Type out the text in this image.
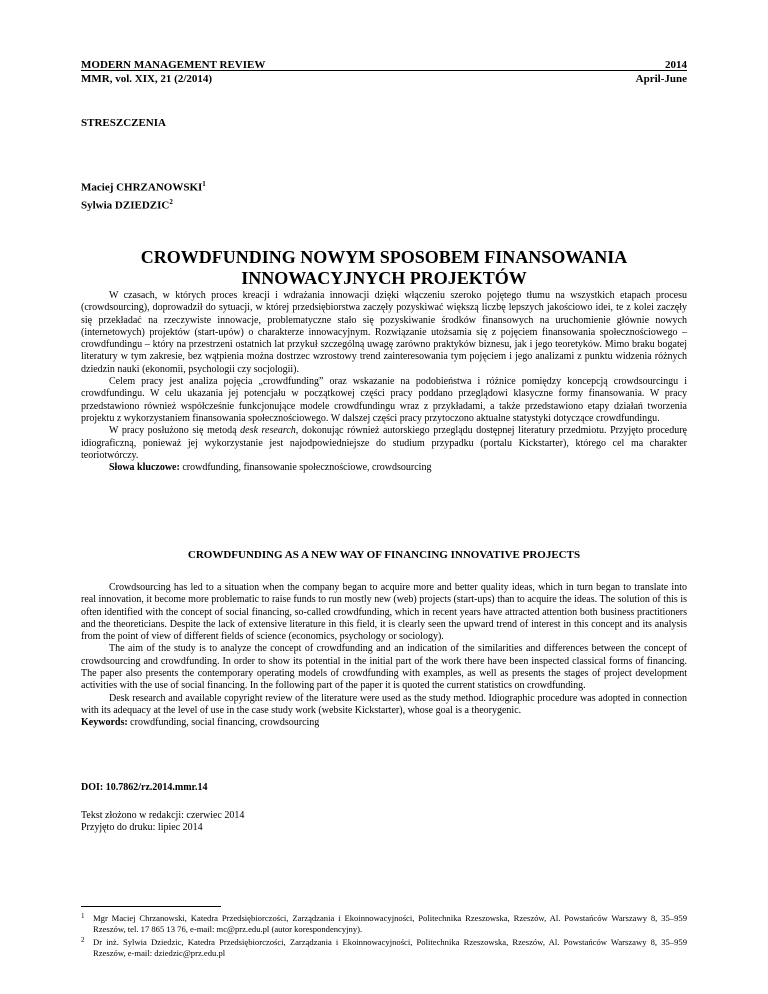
MODERN MANAGEMENT REVIEW
MMR, vol. XIX, 21 (2/2014)
2014
April-June
STRESZCZENIA
Maciej CHRZANOWSKI$^1$
Sylwia DZIEDZIC$^2$
CROWDFUNDING NOWYM SPOSOBEM FINANSOWANIA INNOWACYJNYCH PROJEKTÓW

W czasach, w których proces kreacji i wdrażania innowacji dzięki włączeniu szeroko pojętego tłumu na wszystkich etapach procesu (crowdsourcing), doprowadził do sytuacji, w której przedsiębiorstwa zaczęły pozyskiwać większą liczbę lepszych jakościowo idei, te z kolei zaczęły się przekładać na rzeczywiste innowacje, problematyczne stało się pozyskiwanie środków finansowych na uruchomienie głównie nowych (internetowych) projektów (start-upów) o charakterze innowacyjnym. Rozwiązanie utożsamia się z pojęciem finansowania społecznościowego – crowdfundingu – który na przestrzeni ostatnich lat przykuł szczególną uwagę zarówno praktyków biznesu, jak i jego teoretyków. Mimo braku bogatej literatury w tym zakresie, bez wątpienia można dostrzec wzrostowy trend zainteresowania tym pojęciem i jego analizami z punktu widzenia różnych dziedzin nauki (ekonomii, psychologii czy socjologii).

Celem pracy jest analiza pojęcia „crowdfunding” oraz wskazanie na podobieństwa i różnice pomiędzy koncepcją crowdsourcingu i crowdfundingu. W celu ukazania jej potencjału w początkowej części pracy poddano przeglądowi klasyczne formy finansowania. W pracy przedstawiono również współcześnie funkcjonujące modele crowdfundingu wraz z przykładami, a także przedstawiono etapy działań tworzenia projektu z wykorzystaniem finansowania społecznościowego. W dalszej części pracy przytoczono aktualne statystyki dotyczące crowdfundingu.

W pracy posłużono się metodą desk research, dokonując również autorskiego przeglądu dostępnej literatury przedmiotu. Przyjęto procedurę idiograficzną, ponieważ jej wykorzystanie jest najodpowiedniejsze do studium przypadku (portalu Kickstarter), którego cel ma charakter teoriotwórczy.

Słowa kluczowe: crowdfunding, finansowanie społecznościowe, crowdsourcing

CROWDFUNDING AS A NEW WAY OF FINANCING INNOVATIVE PROJECTS

Crowdsourcing has led to a situation when the company began to acquire more and better quality ideas, which in turn began to translate into real innovation, it become more problematic to raise funds to run mostly new (web) projects (start-ups) than to acquire the ideas. The solution of this is often identified with the concept of social financing, so-called crowdfunding, which in recent years have attracted attention both business practitioners and the theoreticians. Despite the lack of extensive literature in this field, it is clearly seen the upward trend of interest in this concept and its analysis from the point of view of different fields of science (economics, psychology or sociology).

The aim of the study is to analyze the concept of crowdfunding and an indication of the similarities and differences between the concept of crowdsourcing and crowdfunding. In order to show its potential in the initial part of the work there have been inspected classical forms of financing. The paper also presents the contemporary operating models of crowdfunding with examples, as well as presents the stages of project development activities with the use of social financing. In the following part of the paper it is quoted the current statistics on crowdfunding.

Desk research and available copyright review of the literature were used as the study method. Idiographic procedure was adopted in connection with its adequacy at the level of use in the case study work (website Kickstarter), whose goal is a theorygenic.

Keywords: crowdfunding, social financing, crowdsourcing
DOI: 10.7862/rz.2014.mmr.14
Tekst złożono w redakcji: czerwiec 2014
Przyjęto do druku: lipiec 2014
1 Mgr Maciej Chrzanowski, Katedra Przedsiębiorczości, Zarządzania i Ekoinnowacyjności, Politechnika Rzeszowska, Rzeszów, Al. Powstańców Warszawy 8, 35–959 Rzeszów, tel. 17 865 13 76, e-mail: mc@prz.edu.pl (autor korespondencyjny).
2 Dr inż. Sylwia Dziedzic, Katedra Przedsiębiorczości, Zarządzania i Ekoinnowacyjności, Politechnika Rzeszowska, Rzeszów, Al. Powstańców Warszawy 8, 35–959 Rzeszów, e-mail: dziedzic@prz.edu.pl
